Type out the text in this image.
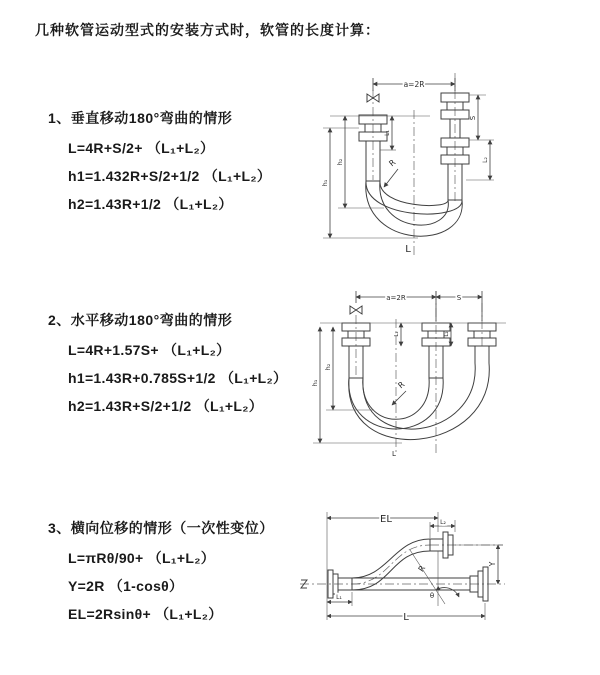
几种软管运动型式的安装方式时，软管的长度计算：
1、垂直移动180°弯曲的情形
L=4R+S/2+ （L₁+L₂）
h1=1.432R+S/2+1/2 （L₁+L₂）
h2=1.43R+1/2 （L₁+L₂）
2、水平移动180°弯曲的情形
L=4R+1.57S+ （L₁+L₂）
h1=1.43R+0.785S+1/2 （L₁+L₂）
h2=1.43R+S/2+1/2 （L₁+L₂）
3、横向位移的情形（一次性变位）
L=πRθ/90+ （L₁+L₂）
Y=2R （1-cosθ）
EL=2Rsinθ+ （L₁+L₂）
a=2R
h₁
h₂
L₁
S
L₂
R
L
a=2R	S
h₁
h₂
L₁	L₂
R
L
θ
R
EL	L₂
Y
L₁
L
